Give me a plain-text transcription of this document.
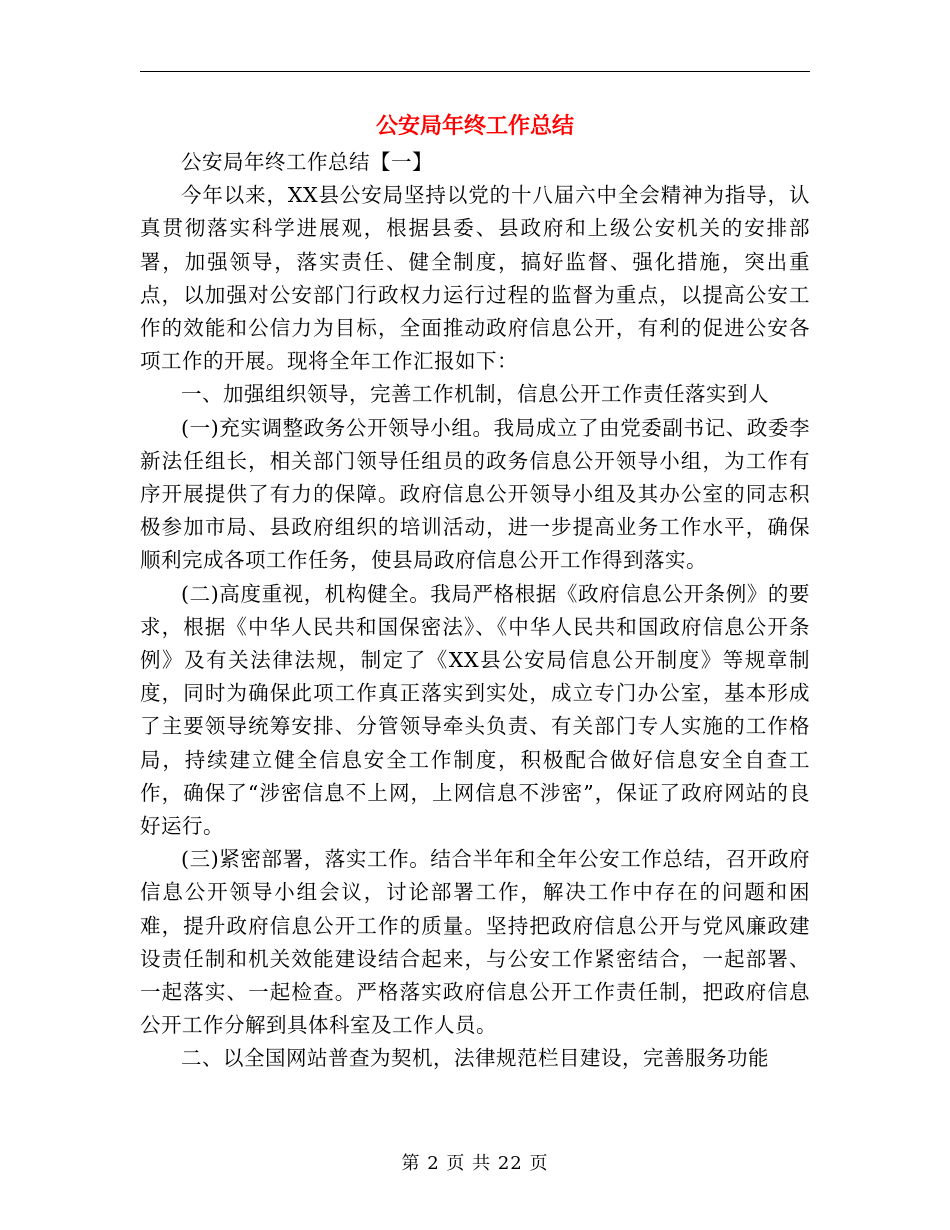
公安局年终工作总结

公安局年终工作总结【一】

今年以来，XX县公安局坚持以党的十八届六中全会精神为指导，认真贯彻落实科学进展观，根据县委、县政府和上级公安机关的安排部署，加强领导，落实责任、健全制度，搞好监督、强化措施，突出重点，以加强对公安部门行政权力运行过程的监督为重点，以提高公安工作的效能和公信力为目标，全面推动政府信息公开，有利的促进公安各项工作的开展。现将全年工作汇报如下：

一、加强组织领导，完善工作机制，信息公开工作责任落实到人

(一)充实调整政务公开领导小组。我局成立了由党委副书记、政委李新法任组长，相关部门领导任组员的政务信息公开领导小组，为工作有序开展提供了有力的保障。政府信息公开领导小组及其办公室的同志积极参加市局、县政府组织的培训活动，进一步提高业务工作水平，确保顺利完成各项工作任务，使县局政府信息公开工作得到落实。

(二)高度重视，机构健全。我局严格根据《政府信息公开条例》的要求，根据《中华人民共和国保密法》、《中华人民共和国政府信息公开条例》及有关法律法规，制定了《XX县公安局信息公开制度》等规章制度，同时为确保此项工作真正落实到实处，成立专门办公室，基本形成了主要领导统筹安排、分管领导牵头负责、有关部门专人实施的工作格局，持续建立健全信息安全工作制度，积极配合做好信息安全自查工作，确保了“涉密信息不上网，上网信息不涉密”，保证了政府网站的良好运行。

(三)紧密部署，落实工作。结合半年和全年公安工作总结，召开政府信息公开领导小组会议，讨论部署工作，解决工作中存在的问题和困难，提升政府信息公开工作的质量。坚持把政府信息公开与党风廉政建设责任制和机关效能建设结合起来，与公安工作紧密结合，一起部署、一起落实、一起检查。严格落实政府信息公开工作责任制，把政府信息公开工作分解到具体科室及工作人员。

二、以全国网站普查为契机，法律规范栏目建设，完善服务功能

第 2 页 共 22 页
